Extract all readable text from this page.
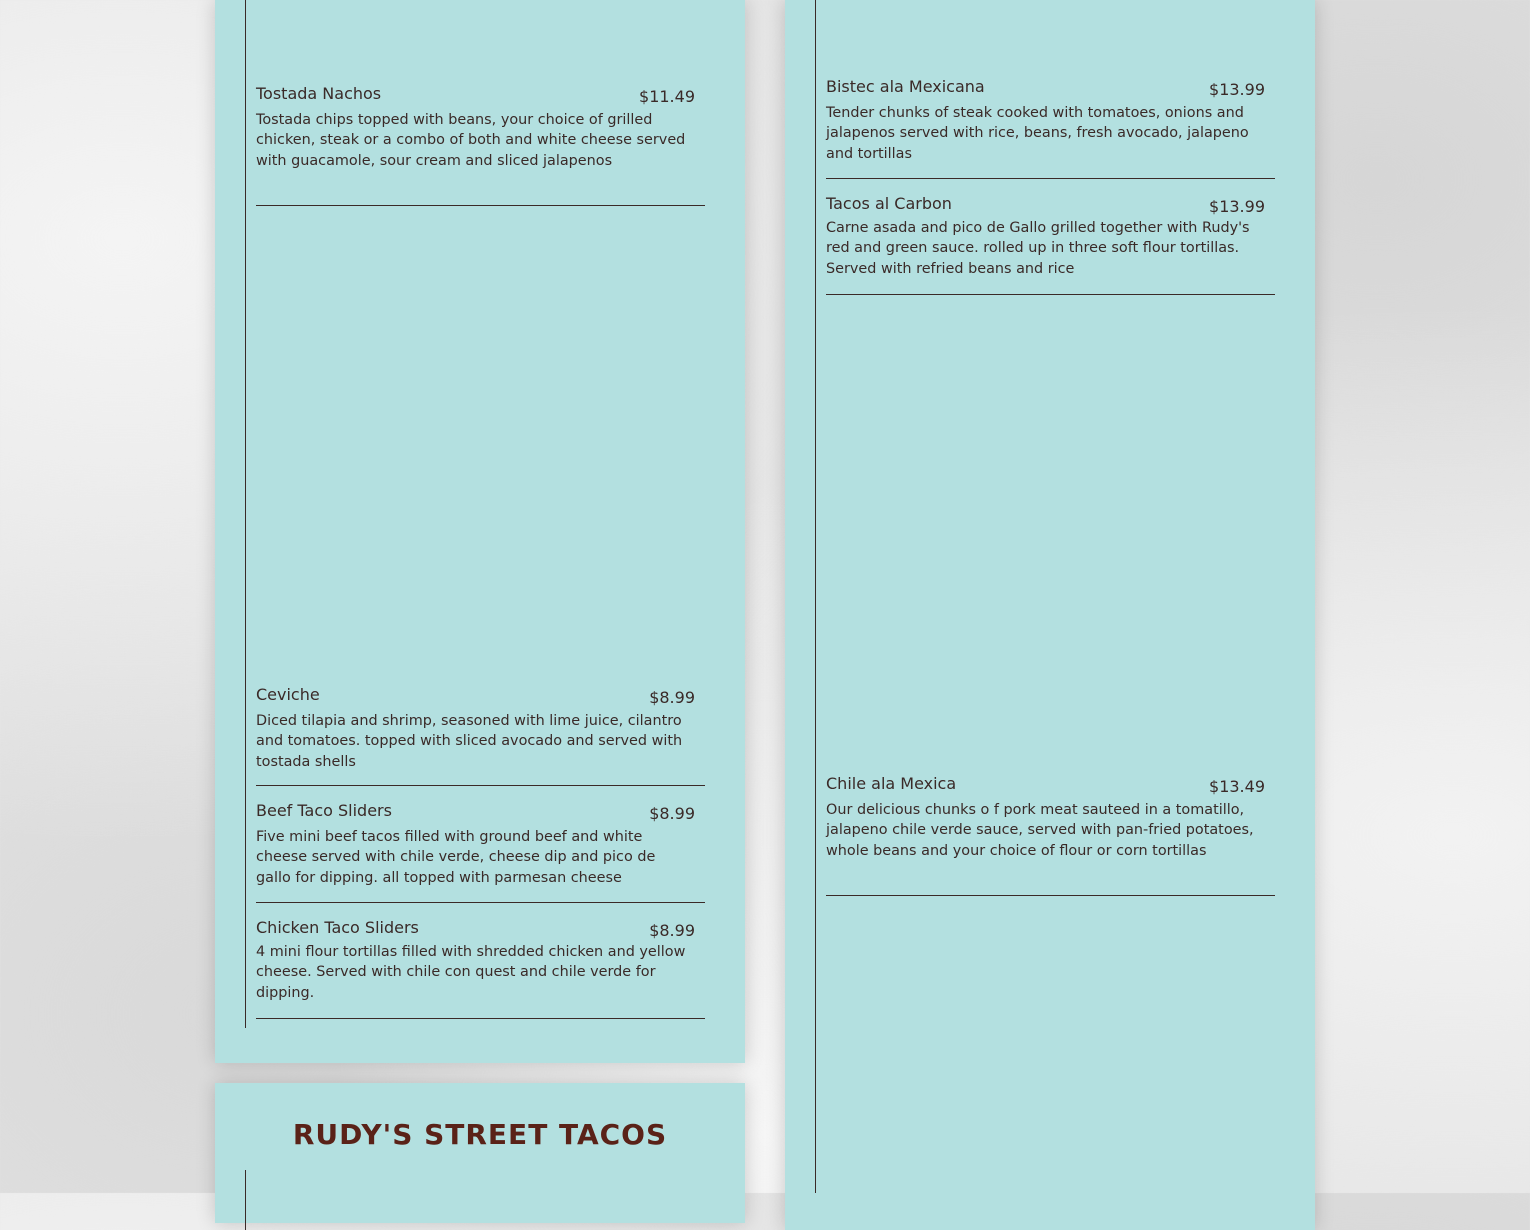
Tostada Nachos	$11.49
Tostada chips topped with beans, your choice of grilled chicken, steak or a combo of both and white cheese served with guacamole, sour cream and sliced jalapenos
Ceviche	$8.99
Diced tilapia and shrimp, seasoned with lime juice, cilantro and tomatoes. topped with sliced avocado and served with tostada shells
Beef Taco Sliders	$8.99
Five mini beef tacos filled with ground beef and white cheese served with chile verde, cheese dip and pico de gallo for dipping. all topped with parmesan cheese
Chicken Taco Sliders	$8.99
4 mini flour tortillas filled with shredded chicken and yellow cheese. Served with chile con quest and chile verde for dipping.
RUDY'S STREET TACOS
Bistec ala Mexicana	$13.99
Tender chunks of steak cooked with tomatoes, onions and jalapenos served with rice, beans, fresh avocado, jalapeno and tortillas
Tacos al Carbon	$13.99
Carne asada and pico de Gallo grilled together with Rudy's red and green sauce. rolled up in three soft flour tortillas. Served with refried beans and rice
Chile ala Mexica	$13.49
Our delicious chunks o f pork meat sauteed in a tomatillo, jalapeno chile verde sauce, served with pan-fried potatoes, whole beans and your choice of flour or corn tortillas
